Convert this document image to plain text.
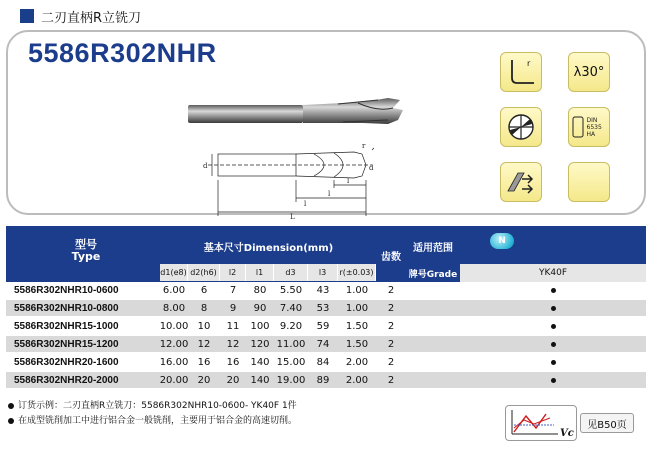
二刃直柄R立铣刀
5586R302NHR
d	d
r
l
l
l
L
r
λ30°
DIN 6535 HA
型号
Type
基本尺寸Dimension(mm)
齿数
适用范围
N
d1(e8) d2(h6)	l2	l1	d3	l3	r(±0.03)	牌号Grade	YK40F
5586R302NHR10-0600	6.00	6	7	80	5.50	43	1.00	2
5586R302NHR10-0800	8.00	8	9	90	7.40	53	1.00	2
5586R302NHR15-1000	10.00 10	11	100	9.20	59	1.50	2
5586R302NHR15-1200	12.00 12	12	120 11.00	74	1.50	2
5586R302NHR20-1600	16.00 16	16	140 15.00	84	2.00	2
5586R302NHR20-2000	20.00 20	20	140 19.00	89	2.00	2
订货示例：二刃直柄R立铣刀：5586R302NHR10-0600- YK40F 1件
在成型铣削加工中进行铝合金一般铣削，主要用于铝合金的高速切削。
Vc
见B50页
